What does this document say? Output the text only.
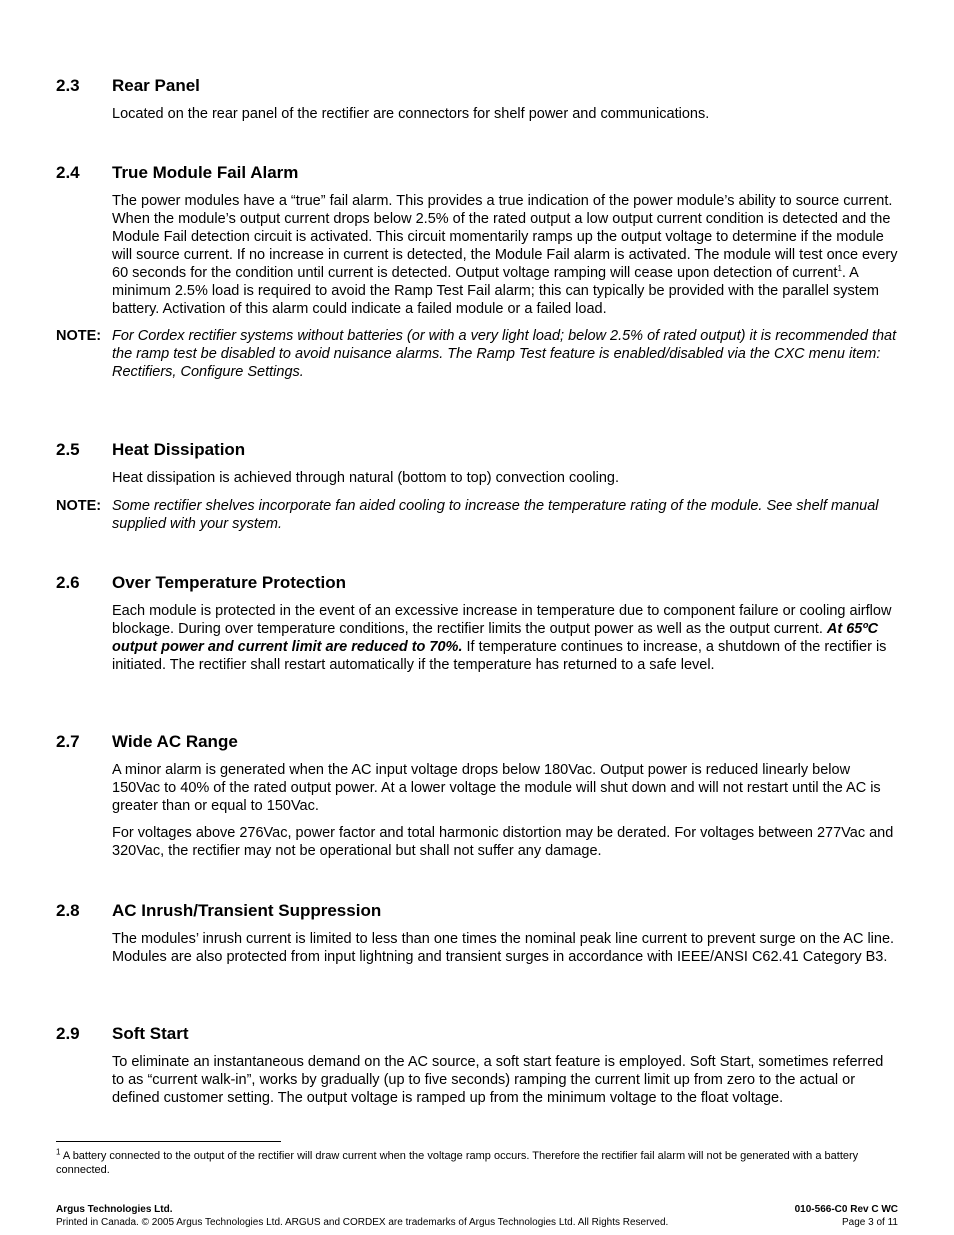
2.3 Rear Panel

Located on the rear panel of the rectifier are connectors for shelf power and communications.

2.4 True Module Fail Alarm

The power modules have a “true” fail alarm. This provides a true indication of the power module’s ability to source current. When the module’s output current drops below 2.5% of the rated output a low output current condition is detected and the Module Fail detection circuit is activated. This circuit momentarily ramps up the output voltage to determine if the module will source current. If no increase in current is detected, the Module Fail alarm is activated. The module will test once every 60 seconds for the condition until current is detected. Output voltage ramping will cease upon detection of current$^1$. A minimum 2.5% load is required to avoid the Ramp Test Fail alarm; this can typically be provided with the parallel system battery. Activation of this alarm could indicate a failed module or a failed load.

NOTE: For Cordex rectifier systems without batteries (or with a very light load; below 2.5% of rated output) it is recommended that the ramp test be disabled to avoid nuisance alarms. The Ramp Test feature is enabled/disabled via the CXC menu item: Rectifiers, Configure Settings.
2.5 Heat Dissipation

Heat dissipation is achieved through natural (bottom to top) convection cooling.

NOTE: Some rectifier shelves incorporate fan aided cooling to increase the temperature rating of the module. See shelf manual supplied with your system.
2.6 Over Temperature Protection

Each module is protected in the event of an excessive increase in temperature due to component failure or cooling airflow blockage. During over temperature conditions, the rectifier limits the output power as well as the output current. At 65ºC output power and current limit are reduced to 70%. If temperature continues to increase, a shutdown of the rectifier is initiated. The rectifier shall restart automatically if the temperature has returned to a safe level.

2.7 Wide AC Range

A minor alarm is generated when the AC input voltage drops below 180Vac. Output power is reduced linearly below 150Vac to 40% of the rated output power. At a lower voltage the module will shut down and will not restart until the AC is greater than or equal to 150Vac.

For voltages above 276Vac, power factor and total harmonic distortion may be derated. For voltages between 277Vac and 320Vac, the rectifier may not be operational but shall not suffer any damage.

2.8 AC Inrush/Transient Suppression

The modules’ inrush current is limited to less than one times the nominal peak line current to prevent surge on the AC line. Modules are also protected from input lightning and transient surges in accordance with IEEE/ANSI C62.41 Category B3.

2.9 Soft Start

To eliminate an instantaneous demand on the AC source, a soft start feature is employed. Soft Start, sometimes referred to as “current walk-in”, works by gradually (up to five seconds) ramping the current limit up from zero to the actual or defined customer setting. The output voltage is ramped up from the minimum voltage to the float voltage.

$^1$ A battery connected to the output of the rectifier will draw current when the voltage ramp occurs. Therefore the rectifier fail alarm will not be generated with a battery connected.
Argus Technologies Ltd.
Printed in Canada. © 2005 Argus Technologies Ltd. ARGUS and CORDEX are trademarks of Argus Technologies Ltd. All Rights Reserved.
010-566-C0 Rev C WC
Page 3 of 11
